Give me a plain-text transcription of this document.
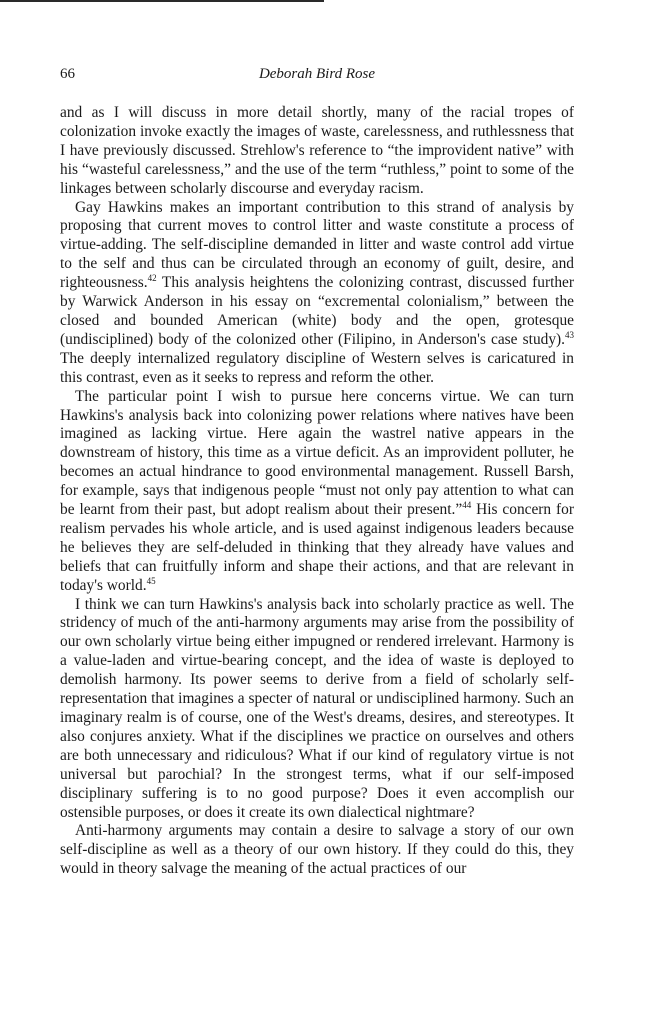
66	Deborah Bird Rose

and as I will discuss in more detail shortly, many of the racial tropes of colonization invoke exactly the images of waste, carelessness, and ruthlessness that I have previously discussed. Strehlow's reference to “the improvident native” with his “wasteful carelessness,” and the use of the term “ruthless,” point to some of the linkages between scholarly discourse and everyday racism.

Gay Hawkins makes an important contribution to this strand of analysis by proposing that current moves to control litter and waste constitute a process of virtue-adding. The self-discipline demanded in litter and waste control add virtue to the self and thus can be circulated through an economy of guilt, desire, and righteousness.$^{42}$ This analysis heightens the colonizing contrast, discussed further by Warwick Anderson in his essay on “excremental colonialism,” between the closed and bounded American (white) body and the open, grotesque (undisciplined) body of the colonized other (Filipino, in Anderson's case study).$^{43}$ The deeply internalized regulatory discipline of Western selves is caricatured in this contrast, even as it seeks to repress and reform the other.

The particular point I wish to pursue here concerns virtue. We can turn Hawkins's analysis back into colonizing power relations where natives have been imagined as lacking virtue. Here again the wastrel native appears in the downstream of history, this time as a virtue deficit. As an improvident polluter, he becomes an actual hindrance to good environmental management. Russell Barsh, for example, says that indigenous people “must not only pay attention to what can be learnt from their past, but adopt realism about their present.”$^{44}$ His concern for realism pervades his whole article, and is used against indigenous leaders because he believes they are self-deluded in thinking that they already have values and beliefs that can fruitfully inform and shape their actions, and that are relevant in today's world.$^{45}$

I think we can turn Hawkins's analysis back into scholarly practice as well. The stridency of much of the anti-harmony arguments may arise from the possibility of our own scholarly virtue being either impugned or rendered irrelevant. Harmony is a value-laden and virtue-bearing concept, and the idea of waste is deployed to demolish harmony. Its power seems to derive from a field of scholarly self-representation that imagines a specter of natural or undisciplined harmony. Such an imaginary realm is of course, one of the West's dreams, desires, and stereotypes. It also conjures anxiety. What if the disciplines we practice on ourselves and others are both unnecessary and ridiculous? What if our kind of regulatory virtue is not universal but parochial? In the strongest terms, what if our self-imposed disciplinary suffering is to no good purpose? Does it even accomplish our ostensible purposes, or does it create its own dialectical nightmare?

Anti-harmony arguments may contain a desire to salvage a story of our own self-discipline as well as a theory of our own history. If they could do this, they would in theory salvage the meaning of the actual practices of our
